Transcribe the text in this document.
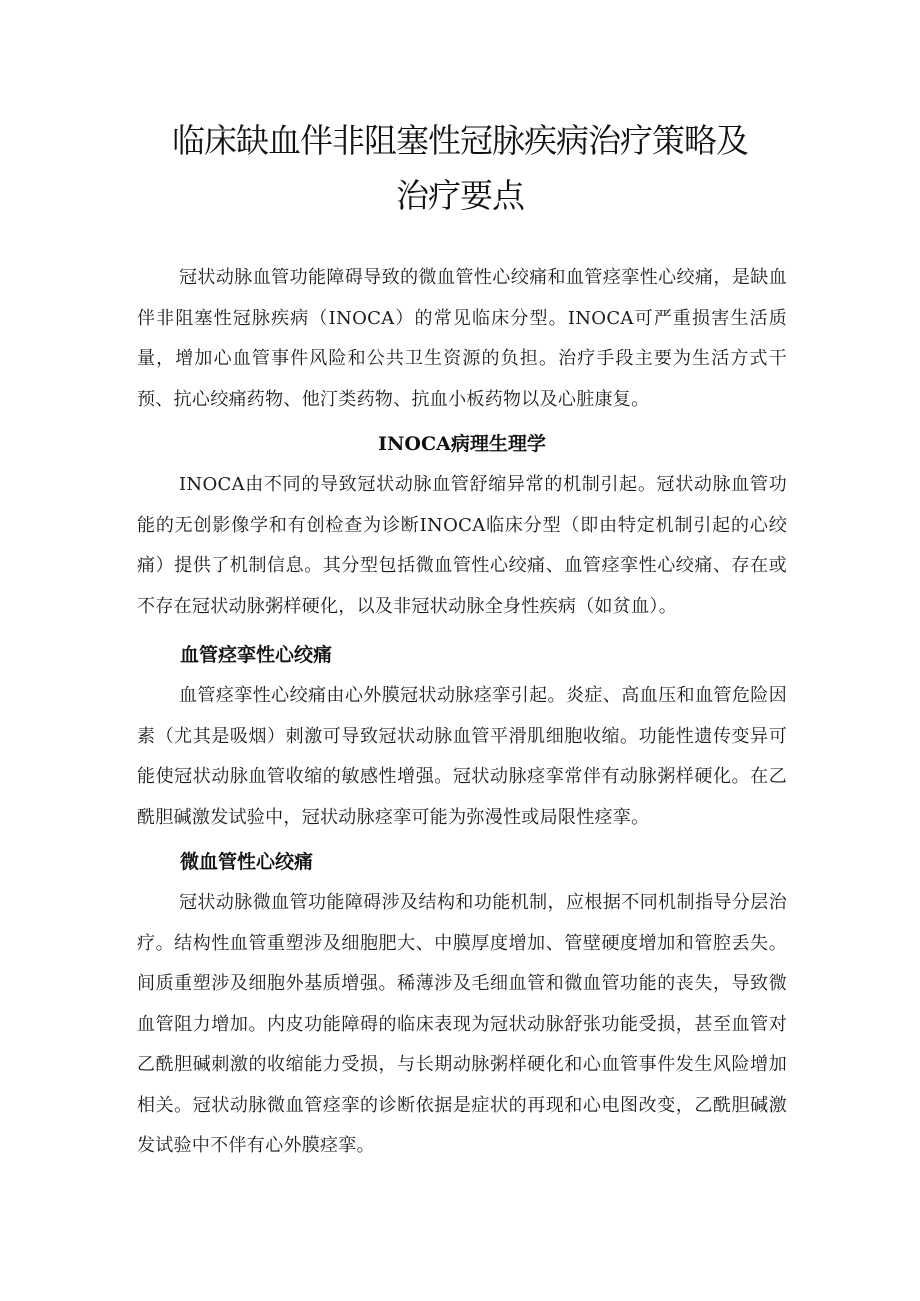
临床缺血伴非阻塞性冠脉疾病治疗策略及
治疗要点

冠状动脉血管功能障碍导致的微血管性心绞痛和血管痉挛性心绞痛，是缺血伴非阻塞性冠脉疾病（INOCA）的常见临床分型。INOCA可严重损害生活质量，增加心血管事件风险和公共卫生资源的负担。治疗手段主要为生活方式干预、抗心绞痛药物、他汀类药物、抗血小板药物以及心脏康复。

INOCA病理生理学

INOCA由不同的导致冠状动脉血管舒缩异常的机制引起。冠状动脉血管功能的无创影像学和有创检查为诊断INOCA临床分型（即由特定机制引起的心绞痛）提供了机制信息。其分型包括微血管性心绞痛、血管痉挛性心绞痛、存在或不存在冠状动脉粥样硬化，以及非冠状动脉全身性疾病（如贫血）。

血管痉挛性心绞痛

血管痉挛性心绞痛由心外膜冠状动脉痉挛引起。炎症、高血压和血管危险因素（尤其是吸烟）刺激可导致冠状动脉血管平滑肌细胞收缩。功能性遗传变异可能使冠状动脉血管收缩的敏感性增强。冠状动脉痉挛常伴有动脉粥样硬化。在乙酰胆碱激发试验中，冠状动脉痉挛可能为弥漫性或局限性痉挛。

微血管性心绞痛

冠状动脉微血管功能障碍涉及结构和功能机制，应根据不同机制指导分层治疗。结构性血管重塑涉及细胞肥大、中膜厚度增加、管壁硬度增加和管腔丢失。间质重塑涉及细胞外基质增强。稀薄涉及毛细血管和微血管功能的丧失，导致微血管阻力增加。内皮功能障碍的临床表现为冠状动脉舒张功能受损，甚至血管对乙酰胆碱刺激的收缩能力受损，与长期动脉粥样硬化和心血管事件发生风险增加相关。冠状动脉微血管痉挛的诊断依据是症状的再现和心电图改变，乙酰胆碱激发试验中不伴有心外膜痉挛。
